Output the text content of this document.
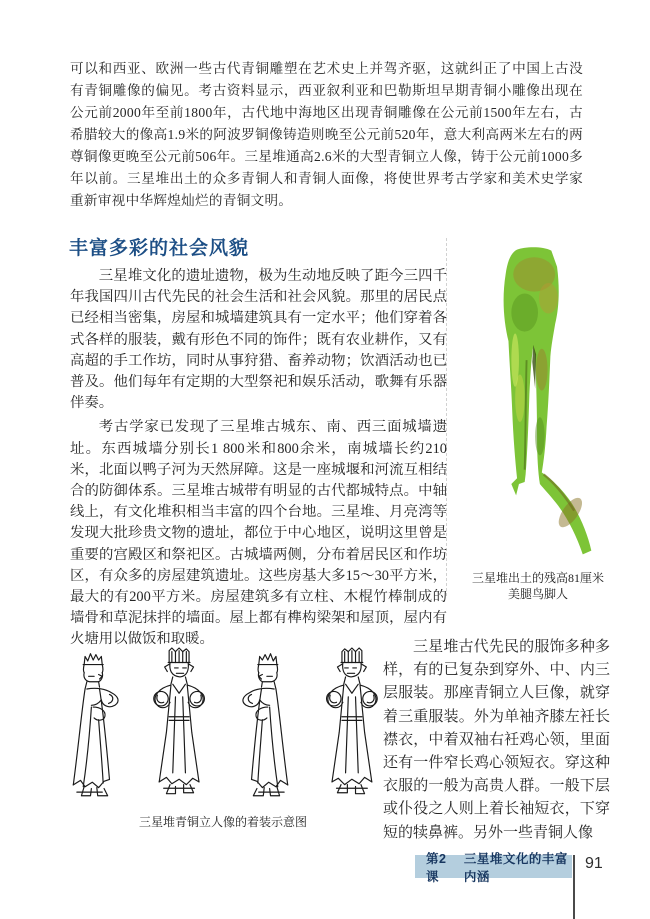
可以和西亚、欧洲一些古代青铜雕塑在艺术史上并驾齐驱，这就纠正了中国上古没有青铜雕像的偏见。考古资料显示，西亚叙利亚和巴勒斯坦早期青铜小雕像出现在公元前2000年至前1800年，古代地中海地区出现青铜雕像在公元前1500年左右，古希腊较大的像高1.9米的阿波罗铜像铸造则晚至公元前520年，意大利高两米左右的两尊铜像更晚至公元前506年。三星堆通高2.6米的大型青铜立人像，铸于公元前1000多年以前。三星堆出土的众多青铜人和青铜人面像，将使世界考古学家和美术史学家重新审视中华辉煌灿烂的青铜文明。

丰富多彩的社会风貌

三星堆文化的遗址遗物，极为生动地反映了距今三四千年我国四川古代先民的社会生活和社会风貌。那里的居民点已经相当密集，房屋和城墙建筑具有一定水平；他们穿着各式各样的服装，戴有形色不同的饰件；既有农业耕作，又有高超的手工作坊，同时从事狩猎、畜养动物；饮酒活动也已普及。他们每年有定期的大型祭祀和娱乐活动，歌舞有乐器伴奏。

考古学家已发现了三星堆古城东、南、西三面城墙遗址。东西城墙分别长1 800米和800余米，南城墙长约210米，北面以鸭子河为天然屏障。这是一座城堰和河流互相结合的防御体系。三星堆古城带有明显的古代都城特点。中轴线上，有文化堆积相当丰富的四个台地。三星堆、月亮湾等发现大批珍贵文物的遗址，都位于中心地区，说明这里曾是重要的宫殿区和祭祀区。古城墙两侧，分布着居民区和作坊区，有众多的房屋建筑遗址。这些房基大多15～30平方米，最大的有200平方米。房屋建筑多有立柱、木棍竹棒制成的墙骨和草泥抹拌的墙面。屋上都有榫构梁架和屋顶，屋内有火塘用以做饭和取暖。

三星堆出土的残高81厘米
美腿鸟脚人
三星堆青铜立人像的着装示意图

三星堆古代先民的服饰多种多样，有的已复杂到穿外、中、内三层服装。那座青铜立人巨像，就穿着三重服装。外为单袖齐膝左衽长襟衣，中着双袖右衽鸡心领，里面还有一件窄长鸡心领短衣。穿这种衣服的一般为高贵人群。一般下层或仆役之人则上着长袖短衣，下穿短的犊鼻裤。另外一些青铜人像

第2课
三星堆文化的丰富内涵
91
